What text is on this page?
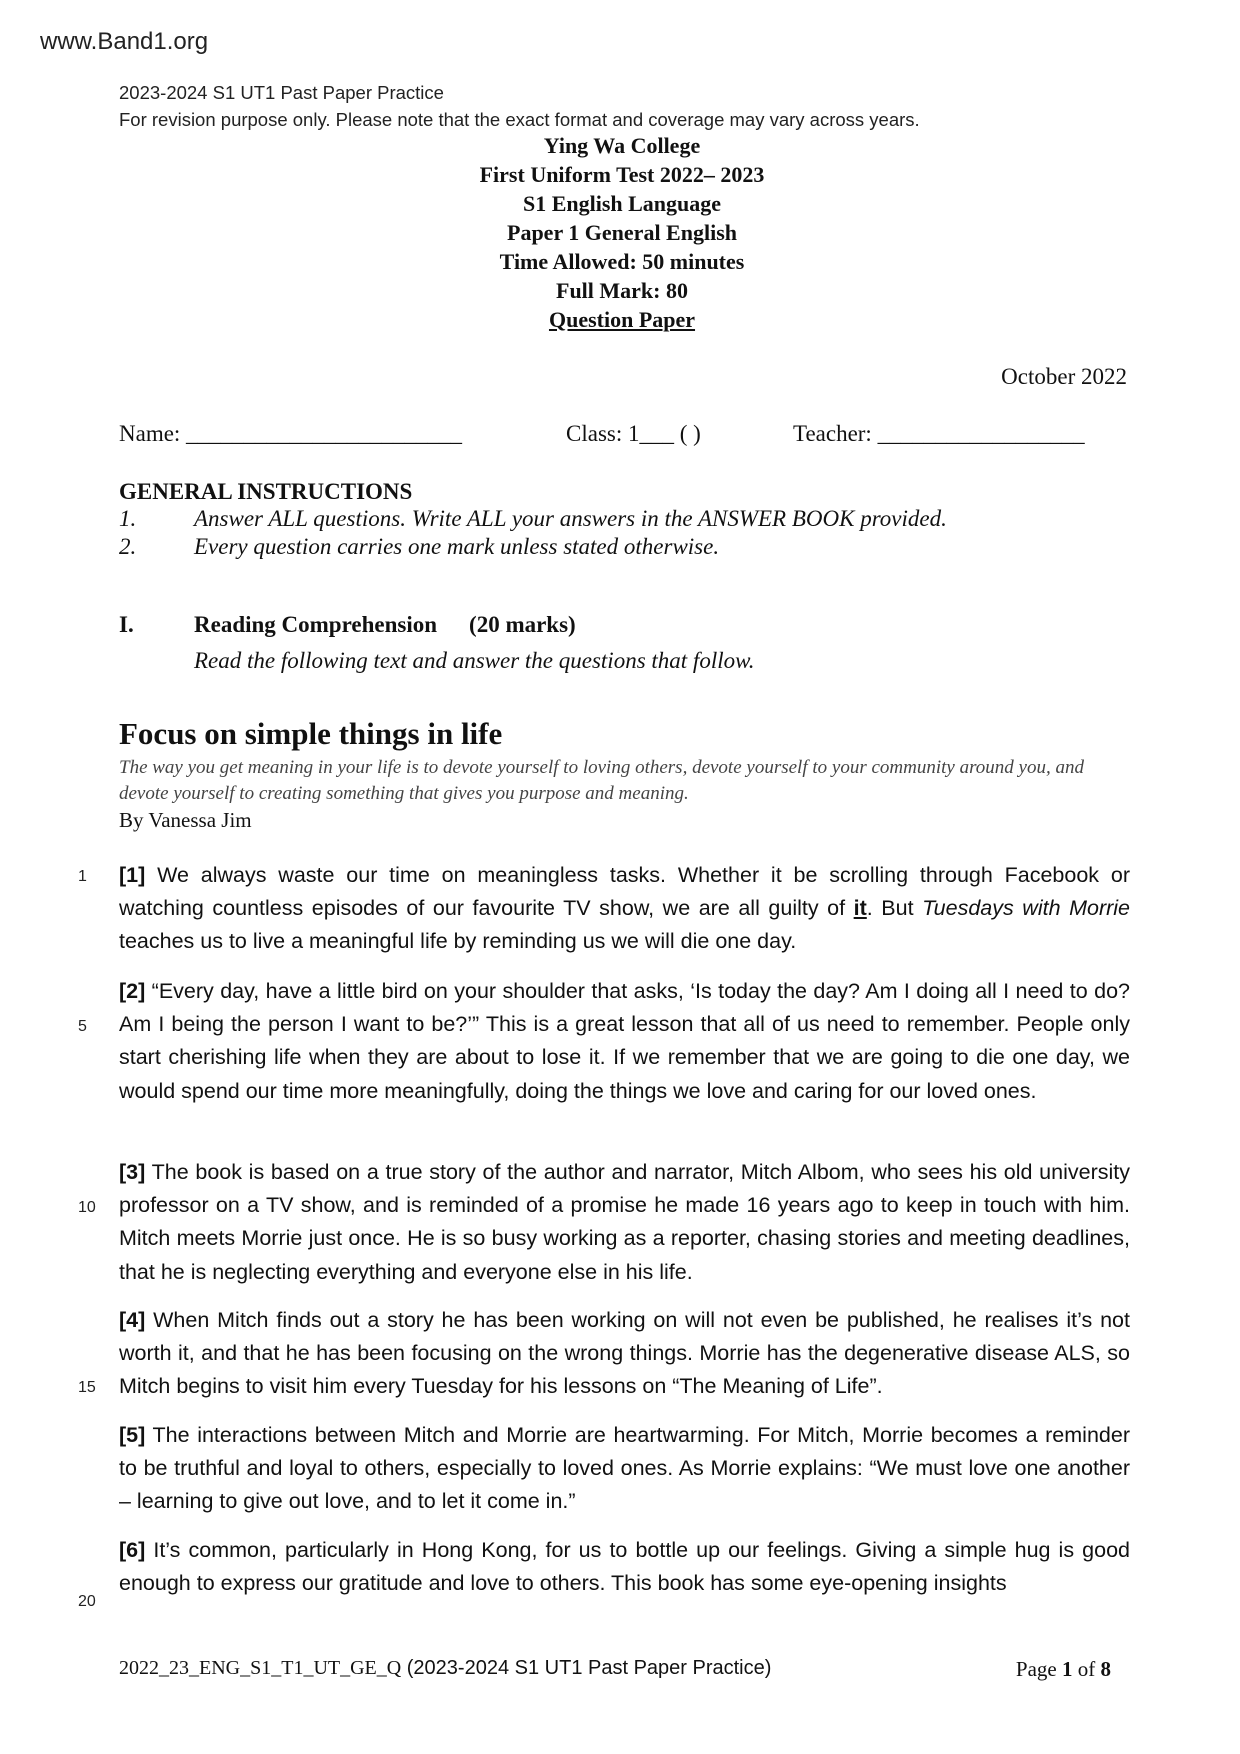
www.Band1.org
2023-2024 S1 UT1 Past Paper Practice
For revision purpose only. Please note that the exact format and coverage may vary across years.
Ying Wa College
First Uniform Test 2022– 2023
S1 English Language
Paper 1 General English
Time Allowed: 50 minutes
Full Mark: 80
Question Paper
October 2022
Name: ________________________	Class: 1___ ( )	Teacher: __________________
GENERAL INSTRUCTIONS
1.	Answer ALL questions. Write ALL your answers in the ANSWER BOOK provided.
2.	Every question carries one mark unless stated otherwise.
I.	Reading Comprehension (20 marks)
Read the following text and answer the questions that follow.
Focus on simple things in life
The way you get meaning in your life is to devote yourself to loving others, devote yourself to your community around you, and devote yourself to creating something that gives you purpose and meaning.
By Vanessa Jim
1
5
10
15
20
[1] We always waste our time on meaningless tasks. Whether it be scrolling through Facebook or watching countless episodes of our favourite TV show, we are all guilty of it. But Tuesdays with Morrie teaches us to live a meaningful life by reminding us we will die one day.
[2] “Every day, have a little bird on your shoulder that asks, ‘Is today the day? Am I doing all I need to do? Am I being the person I want to be?’” This is a great lesson that all of us need to remember. People only start cherishing life when they are about to lose it. If we remember that we are going to die one day, we would spend our time more meaningfully, doing the things we love and caring for our loved ones.
[3] The book is based on a true story of the author and narrator, Mitch Albom, who sees his old university professor on a TV show, and is reminded of a promise he made 16 years ago to keep in touch with him. Mitch meets Morrie just once. He is so busy working as a reporter, chasing stories and meeting deadlines, that he is neglecting everything and everyone else in his life.
[4] When Mitch finds out a story he has been working on will not even be published, he realises it’s not worth it, and that he has been focusing on the wrong things. Morrie has the degenerative disease ALS, so Mitch begins to visit him every Tuesday for his lessons on “The Meaning of Life”.
[5] The interactions between Mitch and Morrie are heartwarming. For Mitch, Morrie becomes a reminder to be truthful and loyal to others, especially to loved ones. As Morrie explains: “We must love one another – learning to give out love, and to let it come in.”
[6] It’s common, particularly in Hong Kong, for us to bottle up our feelings. Giving a simple hug is good enough to express our gratitude and love to others. This book has some eye-opening insights
2022_23_ENG_S1_T1_UT_GE_Q (2023-2024 S1 UT1 Past Paper Practice)	Page 1 of 8
